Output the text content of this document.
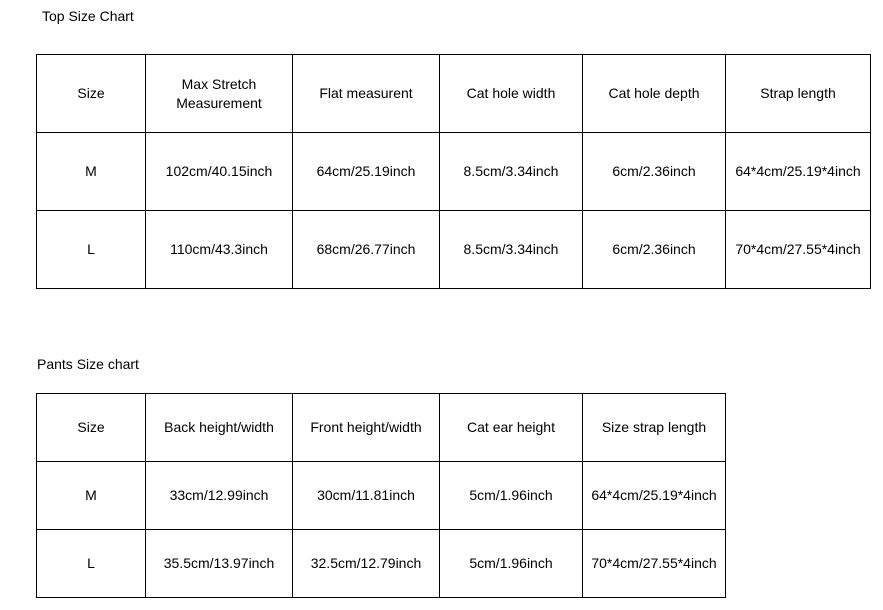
Top Size Chart
Size	Max Stretch Measurement	Flat measurent	Cat hole width	Cat hole depth	Strap length
M	102cm/40.15inch	64cm/25.19inch	8.5cm/3.34inch	6cm/2.36inch	64*4cm/25.19*4inch
L	110cm/43.3inch	68cm/26.77inch	8.5cm/3.34inch	6cm/2.36inch	70*4cm/27.55*4inch
Pants Size chart
Size	Back height/width	Front height/width	Cat ear height	Size strap length
M	33cm/12.99inch	30cm/11.81inch	5cm/1.96inch	64*4cm/25.19*4inch
L	35.5cm/13.97inch	32.5cm/12.79inch	5cm/1.96inch	70*4cm/27.55*4inch
